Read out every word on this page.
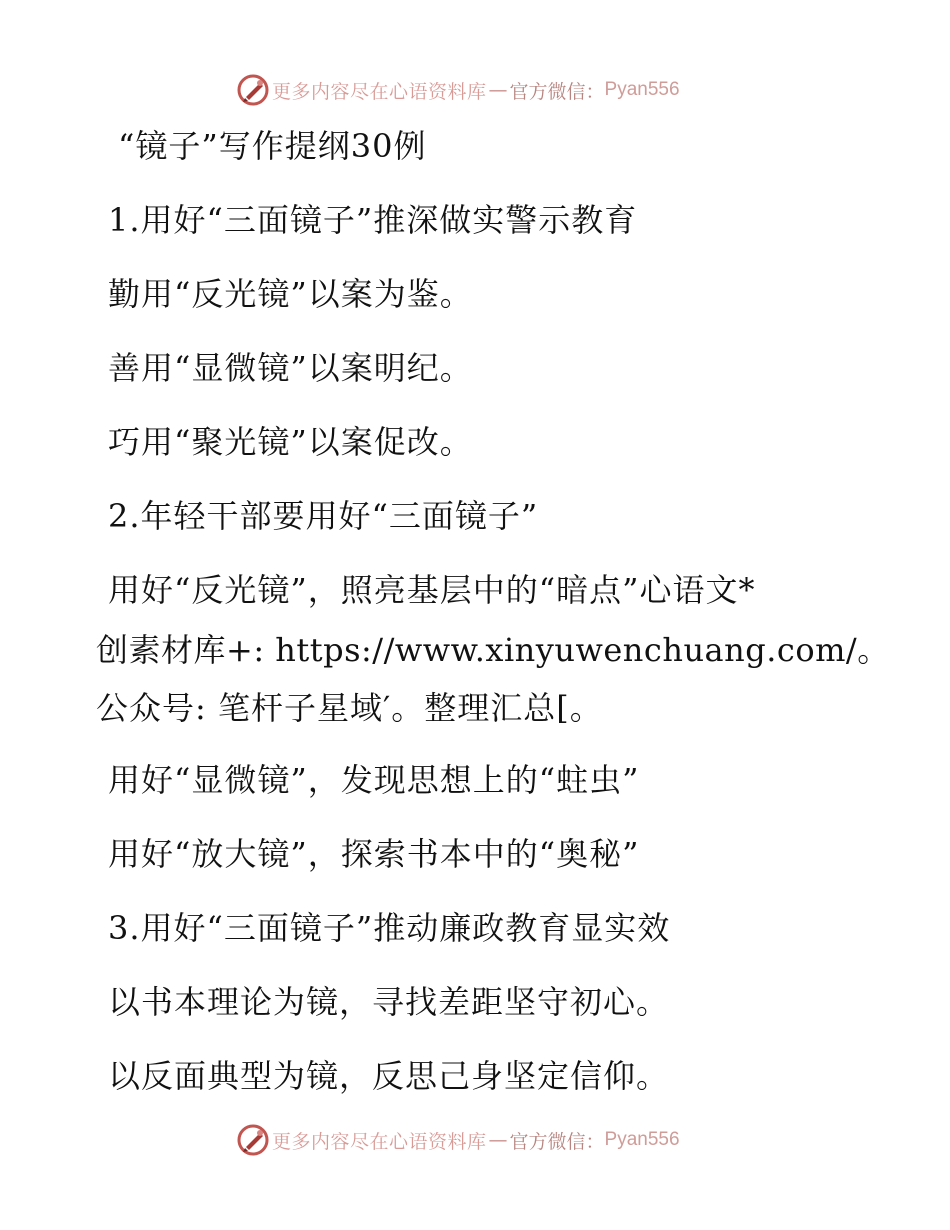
更多内容尽在心语资料库 — 官方微信： Pyan556
“镜子”写作提纲30例
1.用好“三面镜子”推深做实警示教育
勤用“反光镜”以案为鉴。
善用“显微镜”以案明纪。
巧用“聚光镜”以案促改。
2.年轻干部要用好“三面镜子”
用好“反光镜”，照亮基层中的“暗点”心语文*
创素材库+: https://www.xinyuwenchuang.com/。
公众号: 笔杆子星域′。整理汇总[。
用好“显微镜”，发现思想上的“蛀虫”
用好“放大镜”，探索书本中的“奥秘”
3.用好“三面镜子”推动廉政教育显实效
以书本理论为镜，寻找差距坚守初心。
以反面典型为镜，反思己身坚定信仰。
更多内容尽在心语资料库 — 官方微信： Pyan556
